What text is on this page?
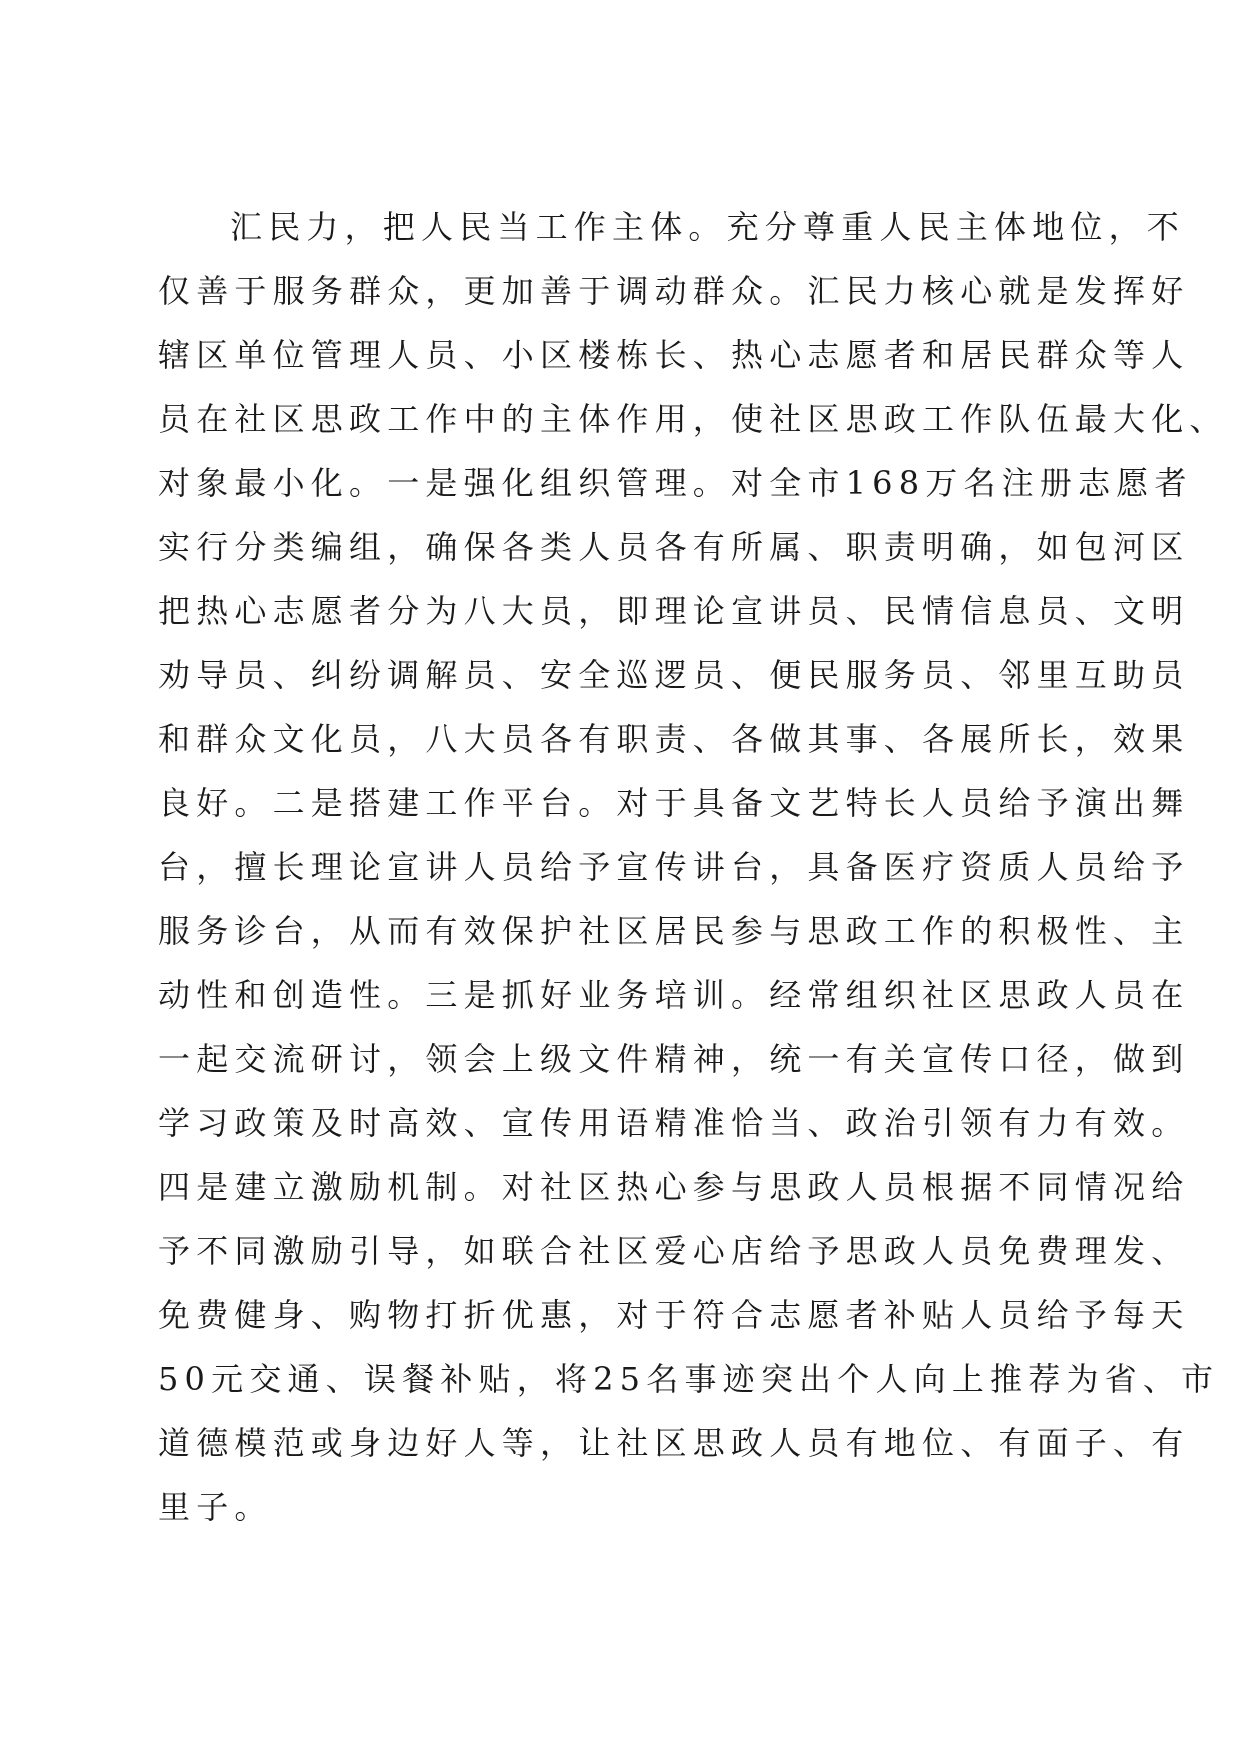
汇民力，把人民当工作主体。充分尊重人民主体地位，不
仅善于服务群众，更加善于调动群众。汇民力核心就是发挥好
辖区单位管理人员、小区楼栋长、热心志愿者和居民群众等人
员在社区思政工作中的主体作用，使社区思政工作队伍最大化、
对象最小化。一是强化组织管理。对全市168万名注册志愿者
实行分类编组，确保各类人员各有所属、职责明确，如包河区
把热心志愿者分为八大员，即理论宣讲员、民情信息员、文明
劝导员、纠纷调解员、安全巡逻员、便民服务员、邻里互助员
和群众文化员，八大员各有职责、各做其事、各展所长，效果
良好。二是搭建工作平台。对于具备文艺特长人员给予演出舞
台，擅长理论宣讲人员给予宣传讲台，具备医疗资质人员给予
服务诊台，从而有效保护社区居民参与思政工作的积极性、主
动性和创造性。三是抓好业务培训。经常组织社区思政人员在
一起交流研讨，领会上级文件精神，统一有关宣传口径，做到
学习政策及时高效、宣传用语精准恰当、政治引领有力有效。
四是建立激励机制。对社区热心参与思政人员根据不同情况给
予不同激励引导，如联合社区爱心店给予思政人员免费理发、
免费健身、购物打折优惠，对于符合志愿者补贴人员给予每天
50元交通、误餐补贴，将25名事迹突出个人向上推荐为省、市
道德模范或身边好人等，让社区思政人员有地位、有面子、有
里子。
